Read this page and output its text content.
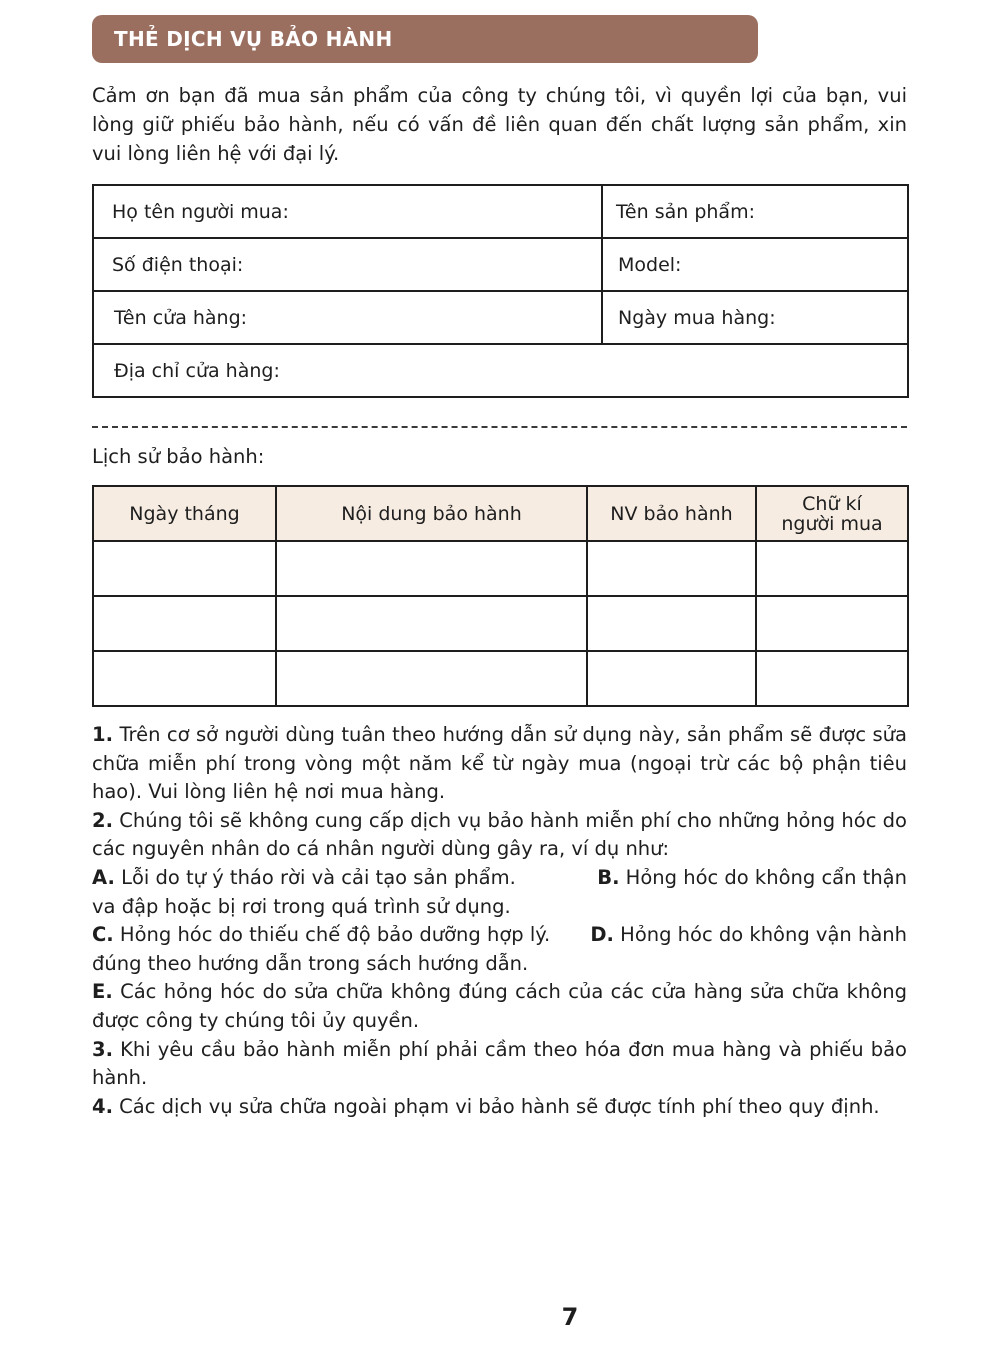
THẺ DỊCH VỤ BẢO HÀNH
Cảm ơn bạn đã mua sản phẩm của công ty chúng tôi, vì quyền lợi của bạn, vui lòng giữ phiếu bảo hành, nếu có vấn đề liên quan đến chất lượng sản phẩm, xin vui lòng liên hệ với đại lý.
Họ tên người mua:	Tên sản phẩm:
Số điện thoại:	Model:
Tên cửa hàng:	Ngày mua hàng:
Địa chỉ cửa hàng:	
Lịch sử bảo hành:
Ngày tháng	Nội dung bảo hành	NV bảo hành	Chữ kí
người mua

1. Trên cơ sở người dùng tuân theo hướng dẫn sử dụng này, sản phẩm sẽ được sửa chữa miễn phí trong vòng một năm kể từ ngày mua (ngoại trừ các bộ phận tiêu hao). Vui lòng liên hệ nơi mua hàng.

2. Chúng tôi sẽ không cung cấp dịch vụ bảo hành miễn phí cho những hỏng hóc do các nguyên nhân do cá nhân người dùng gây ra, ví dụ như:

A. Lỗi do tự ý tháo rời và cải tạo sản phẩm.	B. Hỏng hóc do không cẩn thận

va đập hoặc bị rơi trong quá trình sử dụng.

C. Hỏng hóc do thiếu chế độ bảo dưỡng hợp lý. D. Hỏng hóc do không vận hành

đúng theo hướng dẫn trong sách hướng dẫn.

E. Các hỏng hóc do sửa chữa không đúng cách của các cửa hàng sửa chữa không được công ty chúng tôi ủy quyền.

3. Khi yêu cầu bảo hành miễn phí phải cầm theo hóa đơn mua hàng và phiếu bảo hành.

4. Các dịch vụ sửa chữa ngoài phạm vi bảo hành sẽ được tính phí theo quy định.

7
